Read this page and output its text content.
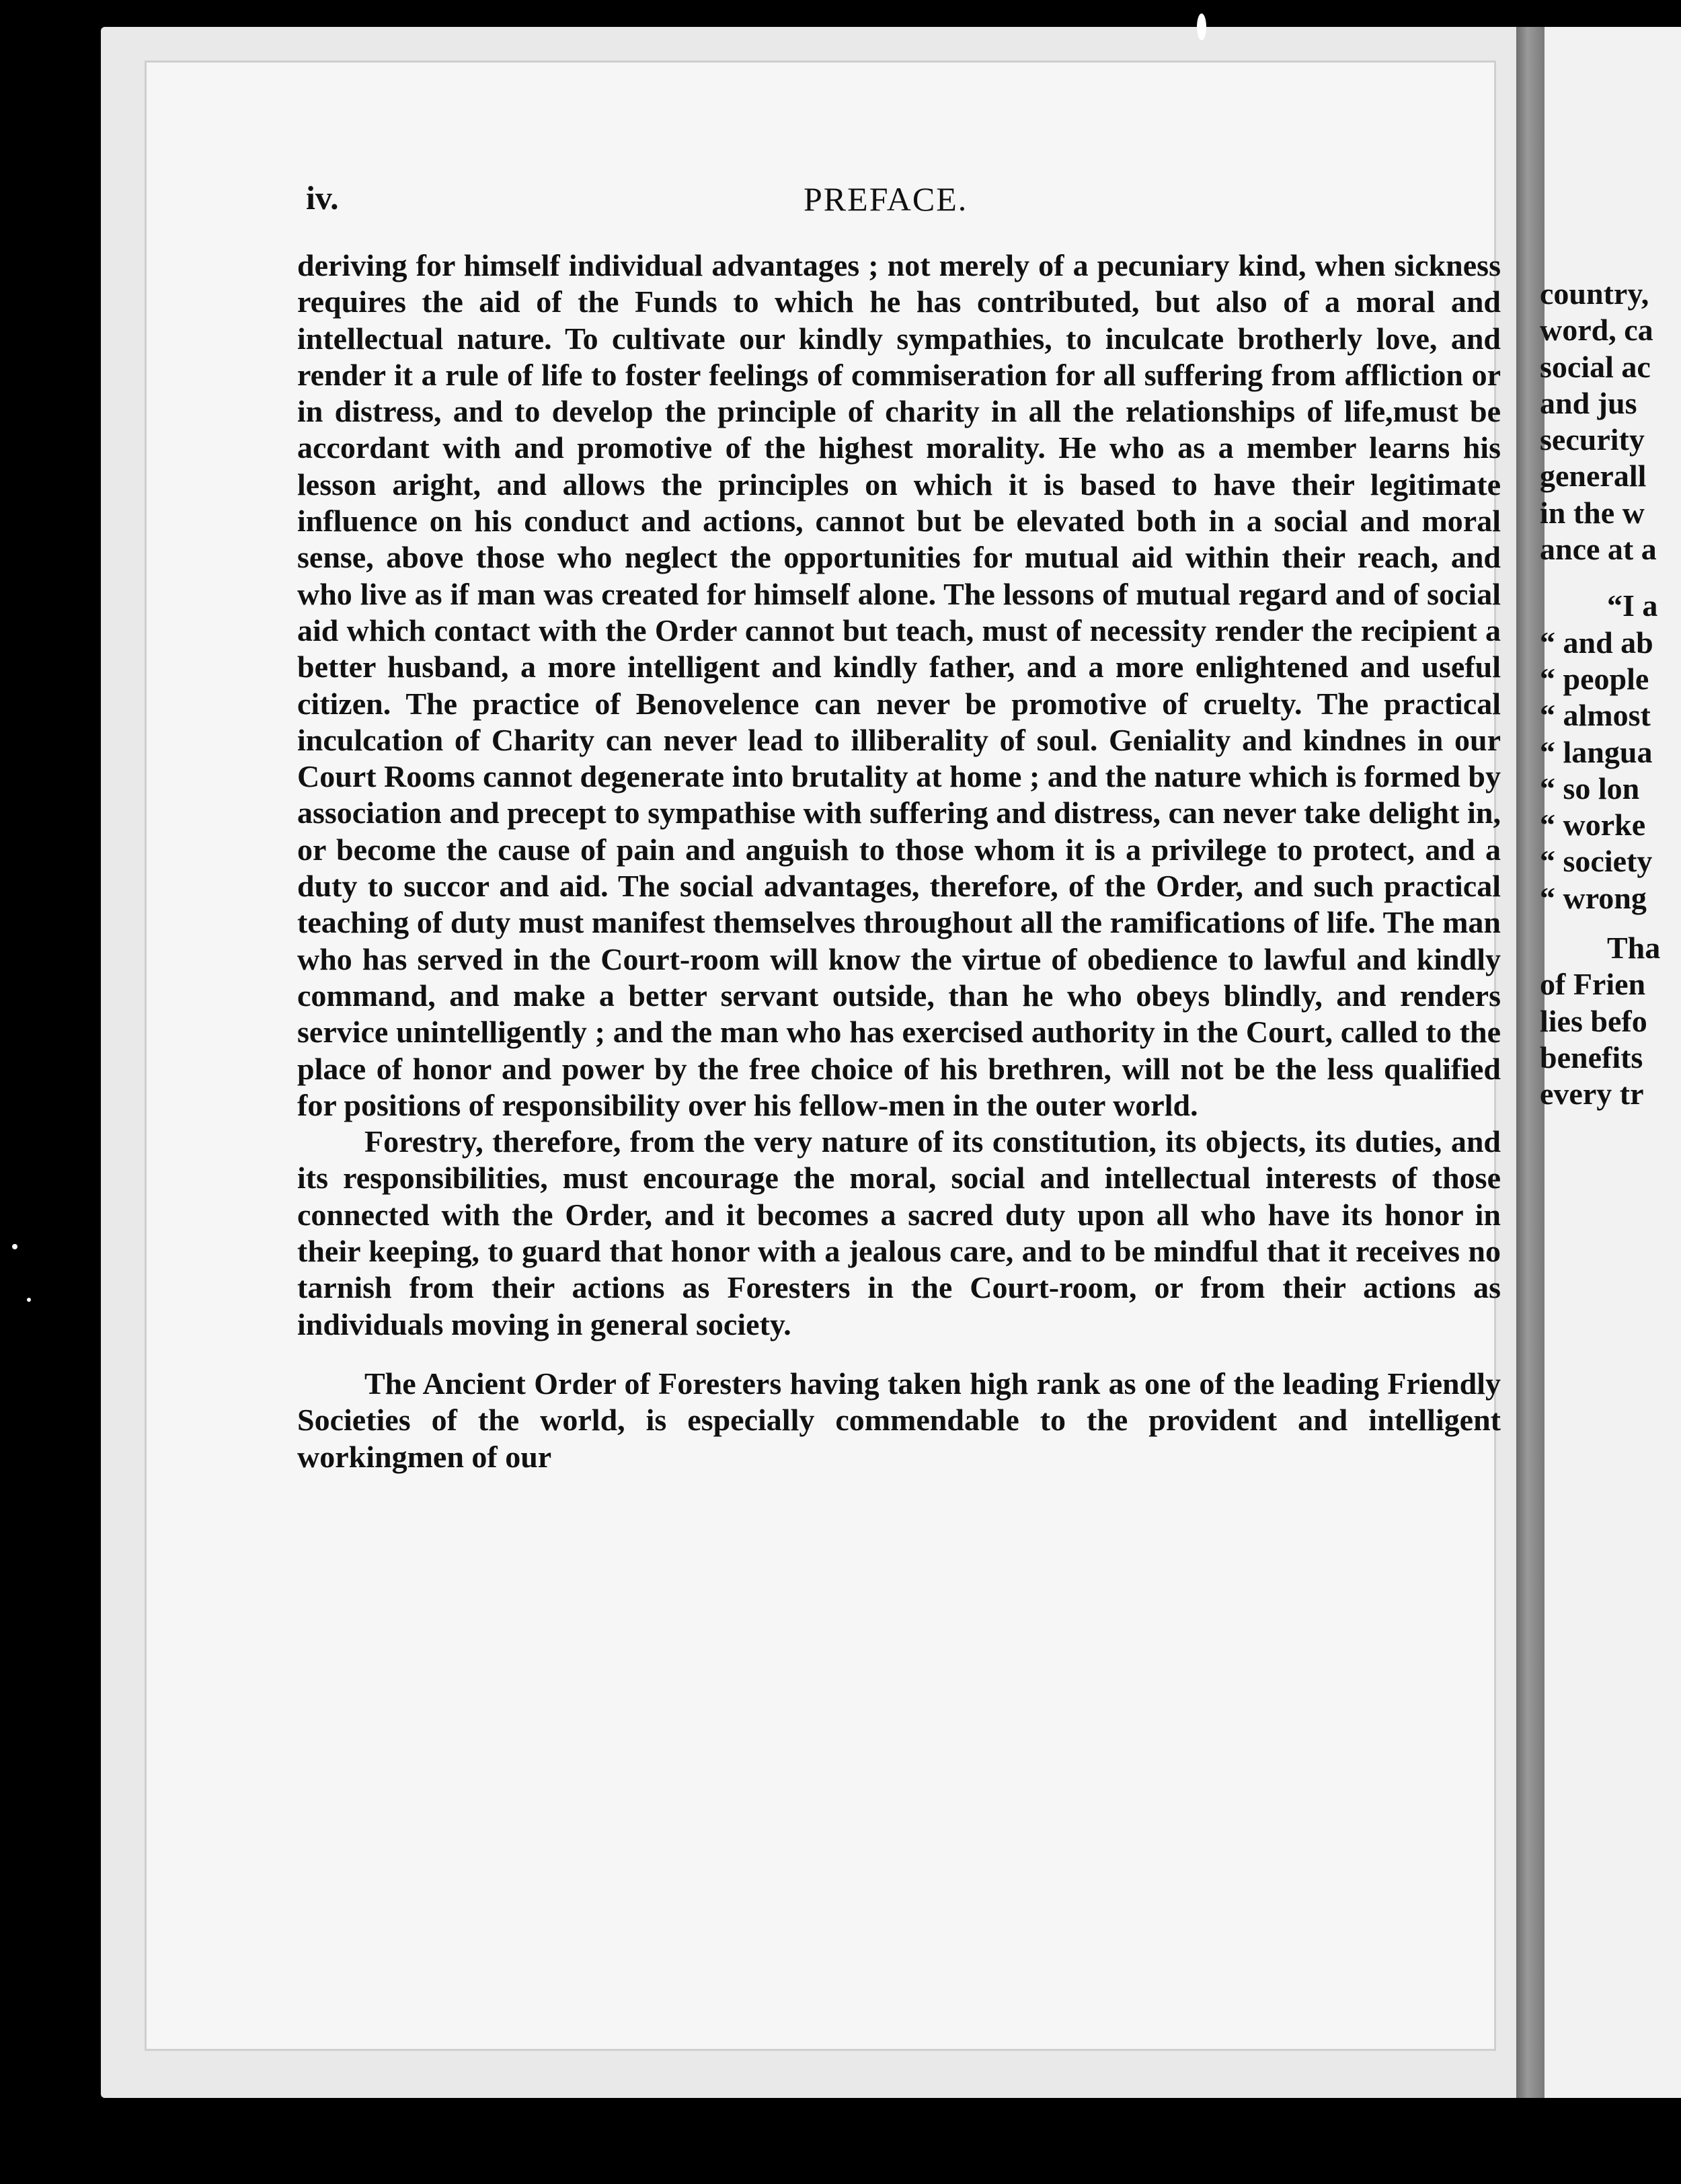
iv.	PREFACE.

deriving for himself individual advantages ; not merely of a pecuniary kind, when sickness requires the aid of the Funds to which he has contributed, but also of a moral and intellectual nature. To cultivate our kindly sympathies, to inculcate brotherly love, and render it a rule of life to foster feelings of commiseration for all suffering from affliction or in distress, and to develop the principle of charity in all the relationships of life,must be accordant with and promotive of the highest morality. He who as a member learns his lesson aright, and allows the principles on which it is based to have their legitimate influence on his conduct and actions, cannot but be elevated both in a social and moral sense, above those who neglect the opportunities for mutual aid within their reach, and who live as if man was created for himself alone. The lessons of mutual regard and of social aid which contact with the Order cannot but teach, must of necessity render the recipient a better husband, a more intelligent and kindly father, and a more enlightened and useful citizen. The practice of Benovelence can never be promotive of cruelty. The practical inculcation of Charity can never lead to illiberality of soul. Geniality and kindnes in our Court Rooms cannot degenerate into brutality at home ; and the nature which is formed by association and precept to sympathise with suffering and distress, can never take delight in, or become the cause of pain and anguish to those whom it is a privilege to protect, and a duty to succor and aid. The social advantages, therefore, of the Order, and such practical teaching of duty must manifest themselves throughout all the ramifications of life. The man who has served in the Court-room will know the virtue of obedience to lawful and kindly command, and make a better servant outside, than he who obeys blindly, and renders service unintelligently ; and the man who has exercised authority in the Court, called to the place of honor and power by the free choice of his brethren, will not be the less qualified for positions of responsibility over his fellow-men in the outer world.

Forestry, therefore, from the very nature of its constitution, its objects, its duties, and its responsibilities, must encourage the moral, social and intellectual interests of those connected with the Order, and it becomes a sacred duty upon all who have its honor in their keeping, to guard that honor with a jealous care, and to be mindful that it receives no tarnish from their actions as Foresters in the Court-room, or from their actions as individuals moving in general society.

The Ancient Order of Foresters having taken high rank as one of the leading Friendly Societies of the world, is especially commendable to the provident and intelligent workingmen of our

country,
word, ca
social ac
and jus
security
generall
in the w
ance at a
“I a
“ and ab
“ people
“ almost
“ langua
“ so lon
“ worke
“ society
“ wrong
Tha
of Frien
lies befo
benefits
every tr
